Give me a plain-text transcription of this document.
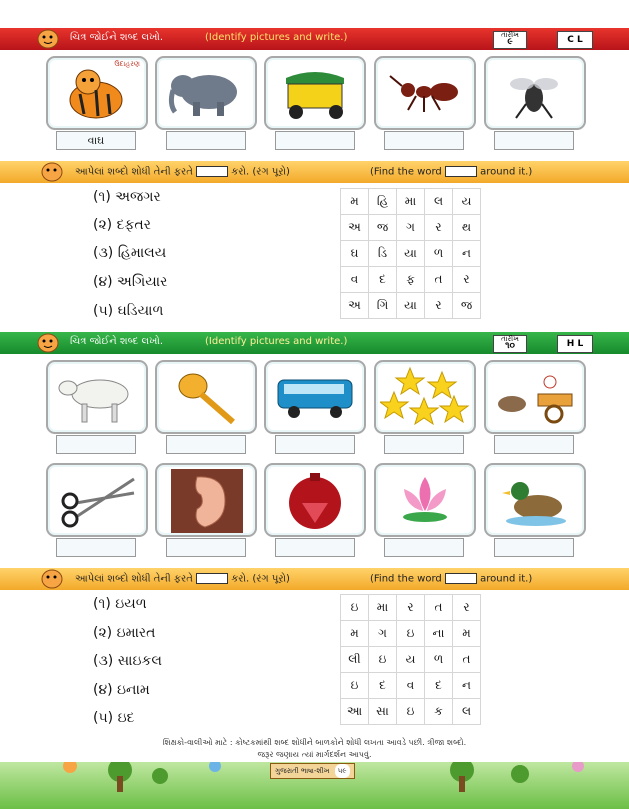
ચિત્ર જોઈને શબ્દ લખો.	(Identify pictures and write.)	તારીખ
૯	C L
ઉદાહરણ
વાઘ
આપેલાં શબ્દો શોધી તેની ફરતે	કરો. (રંગ પૂરો)	(Find the word	around it.)
(૧) અજગર
(૨) દફતર
(૩) હિમાલય
(૪) અગિયાર
(૫) ઘડિયાળ
મ	હિ	મા	લ	ય
અ	જ	ગ	ર	થ
ઘ	ડિ	યા	ળ	ન
વ	દ	ફ	ત	ર
અ	ગિ	યા	ર	જ
ચિત્ર જોઈને શબ્દ લખો.	(Identify pictures and write.)	તારીખ
૧૦	H L
આપેલાં શબ્દો શોધી તેની ફરતે	કરો. (રંગ પૂરો)	(Find the word	around it.)
(૧) ઇયળ
(૨) ઇમારત
(૩) સાઇકલ
(૪) ઇનામ
(૫) ઇદ
ઇ	મા	ર	ત	ર
મ	ગ	ઇ	ના	મ
લી	ઇ	ય	ળ	ત
ઇ	દ	વ	દ	ન
આ	સા	ઇ	ક	લ
શિક્ષકો-વાલીઓ માટે : કોષ્ટકમાંથી શબ્દ શોધીને બાળકોને શોધી લખતા આવડે પછી. ત્રીજા શબ્દો.
જરૂર જણાય ત્યાં માર્ગદર્શન આપવું.
ગુજરાતી ભાષા-શીખ ૫૯
